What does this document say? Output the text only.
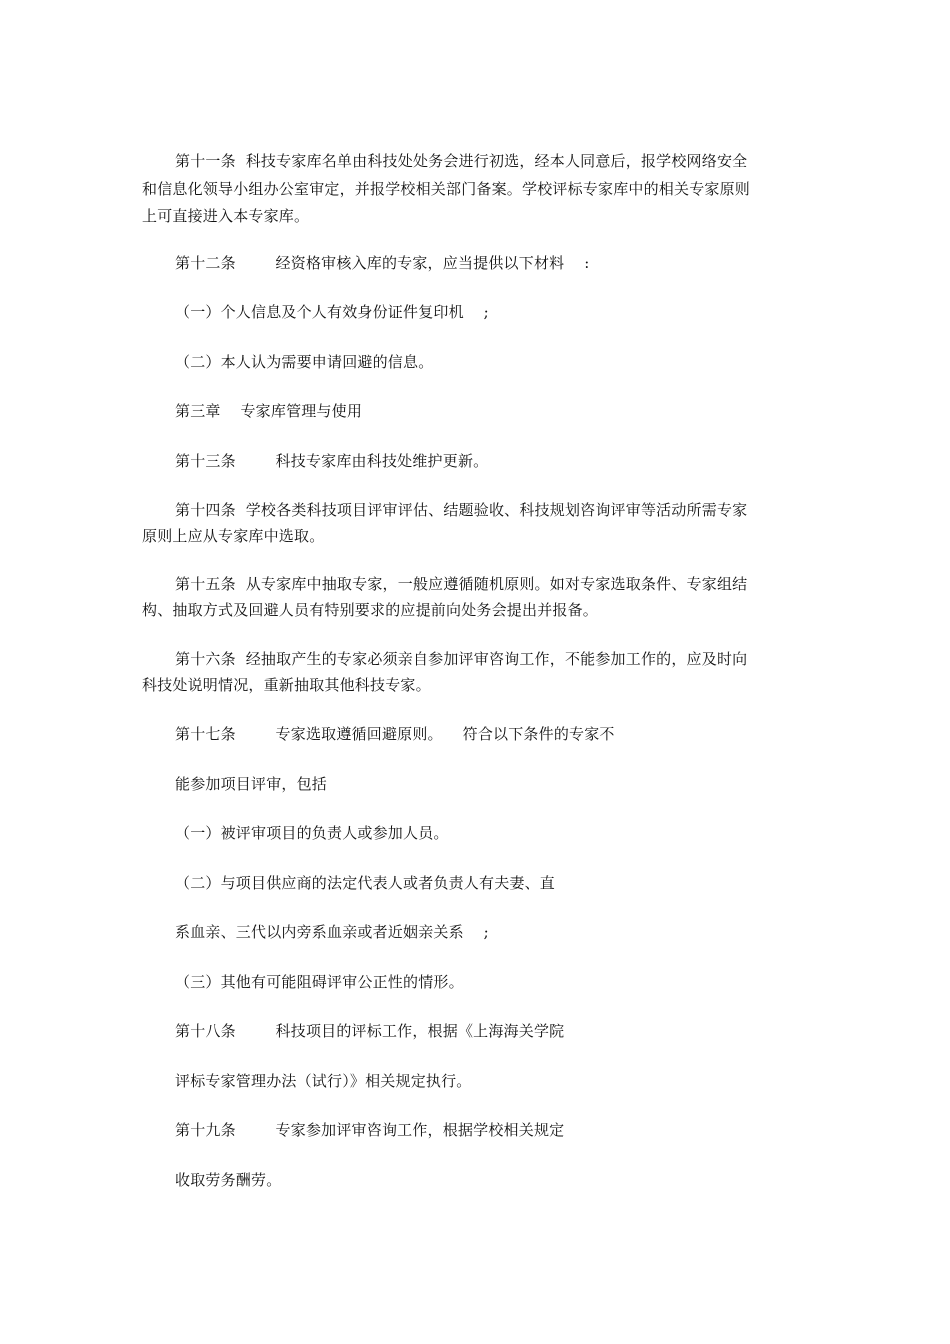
第十一条  科技专家库名单由科技处处务会进行初选，经本人同意后，报学校网络安全
和信息化领导小组办公室审定，并报学校相关部门备案。学校评标专家库中的相关专家原则
上可直接进入本专家库。
第十二条        经资格审核入库的专家，应当提供以下材料    :
（一）个人信息及个人有效身份证件复印机    ;
（二）本人认为需要申请回避的信息。
第三章    专家库管理与使用
第十三条        科技专家库由科技处维护更新。
第十四条  学校各类科技项目评审评估、结题验收、科技规划咨询评审等活动所需专家
原则上应从专家库中选取。
第十五条  从专家库中抽取专家，一般应遵循随机原则。如对专家选取条件、专家组结
构、抽取方式及回避人员有特别要求的应提前向处务会提出并报备。
第十六条  经抽取产生的专家必须亲自参加评审咨询工作，不能参加工作的，应及时向
科技处说明情况，重新抽取其他科技专家。
第十七条        专家选取遵循回避原则。    符合以下条件的专家不
能参加项目评审，包括
（一）被评审项目的负责人或参加人员。
（二）与项目供应商的法定代表人或者负责人有夫妻、直
系血亲、三代以内旁系血亲或者近姻亲关系    ;
（三）其他有可能阻碍评审公正性的情形。
第十八条        科技项目的评标工作，根据《上海海关学院
评标专家管理办法（试行）》相关规定执行。
第十九条        专家参加评审咨询工作，根据学校相关规定
收取劳务酬劳。
